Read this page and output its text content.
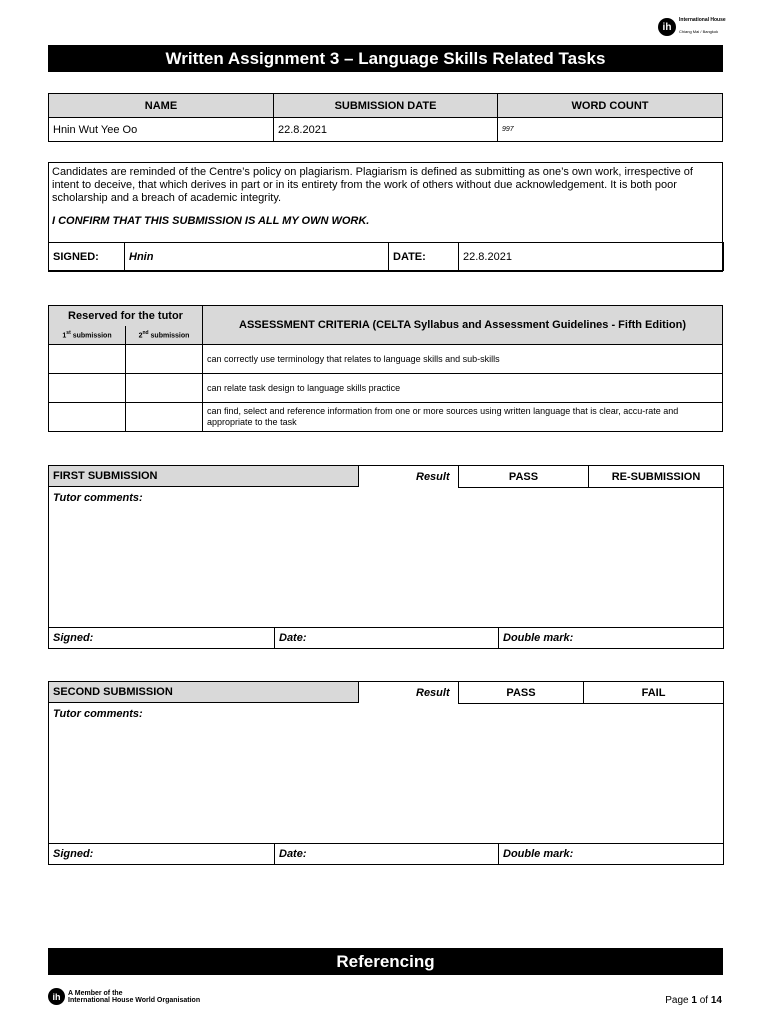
ih
International House
Chiang Mai / Bangkok
Written Assignment 3 – Language Skills Related Tasks
NAME	SUBMISSION DATE	WORD COUNT
Hnin Wut Yee Oo	22.8.2021	997
Candidates are reminded of the Centre’s policy on plagiarism. Plagiarism is defined as submitting as one’s own work, irrespective of intent to deceive, that which derives in part or in its entirety from the work of others without due acknowledgement. It is both poor scholarship and a breach of academic integrity.
I CONFIRM THAT THIS SUBMISSION IS ALL MY OWN WORK.
SIGNED:	Hnin	DATE:	22.8.2021
Reserved for the tutor		ASSESSMENT CRITERIA (CELTA Syllabus and Assessment Guidelines - Fifth Edition)
1st submission	2nd submission	
		can correctly use terminology that relates to language skills and sub-skills
		can relate task design to language skills practice
		can find, select and reference information from one or more sources using written language that is clear, accu-rate and appropriate to the task
FIRST SUBMISSION	Result	PASS	RE-SUBMISSION
Tutor comments:
Signed:	Date:	Double mark:
SECOND SUBMISSION	Result	PASS	FAIL
Tutor comments:
Signed:	Date:	Double mark:
Referencing
ih	A Member of the
International House World Organisation	Page 1 of 14
